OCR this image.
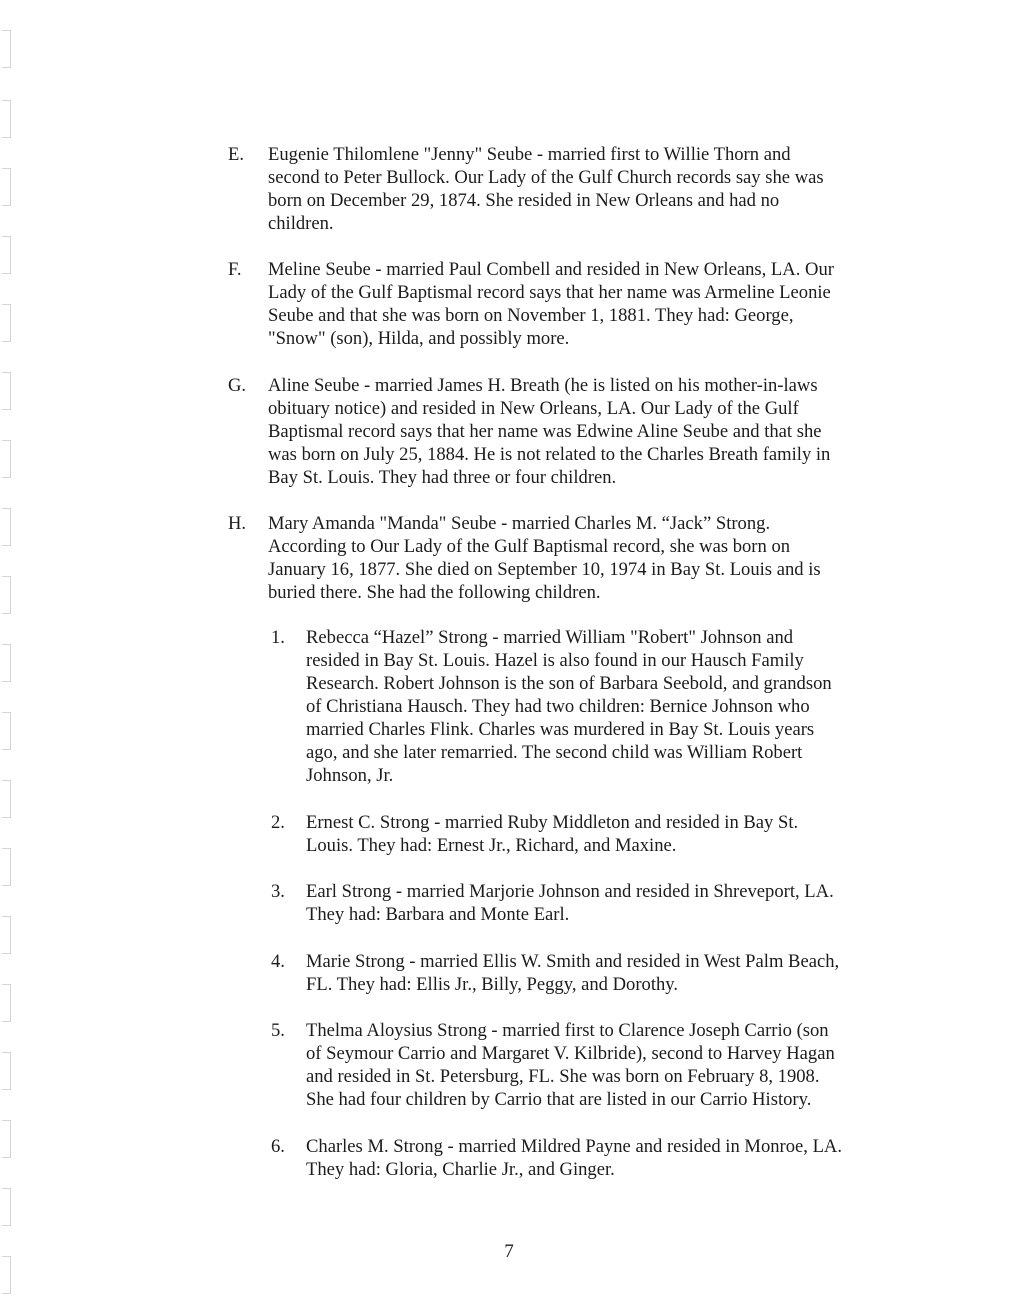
E. Eugenie Thilomlene "Jenny" Seube - married first to Willie Thorn and
second to Peter Bullock. Our Lady of the Gulf Church records say she was
born on December 29, 1874. She resided in New Orleans and had no
children.
F. Meline Seube - married Paul Combell and resided in New Orleans, LA. Our
Lady of the Gulf Baptismal record says that her name was Armeline Leonie
Seube and that she was born on November 1, 1881. They had: George,
"Snow" (son), Hilda, and possibly more.
G. Aline Seube - married James H. Breath (he is listed on his mother-in-laws
obituary notice) and resided in New Orleans, LA. Our Lady of the Gulf
Baptismal record says that her name was Edwine Aline Seube and that she
was born on July 25, 1884. He is not related to the Charles Breath family in
Bay St. Louis. They had three or four children.
H. Mary Amanda "Manda" Seube - married Charles M. “Jack” Strong.
According to Our Lady of the Gulf Baptismal record, she was born on
January 16, 1877. She died on September 10, 1974 in Bay St. Louis and is
buried there. She had the following children.
1. Rebecca “Hazel” Strong - married William "Robert" Johnson and
resided in Bay St. Louis. Hazel is also found in our Hausch Family
Research. Robert Johnson is the son of Barbara Seebold, and grandson
of Christiana Hausch. They had two children: Bernice Johnson who
married Charles Flink. Charles was murdered in Bay St. Louis years
ago, and she later remarried. The second child was William Robert
Johnson, Jr.
2. Ernest C. Strong - married Ruby Middleton and resided in Bay St.
Louis. They had: Ernest Jr., Richard, and Maxine.
3. Earl Strong - married Marjorie Johnson and resided in Shreveport, LA.
They had: Barbara and Monte Earl.
4. Marie Strong - married Ellis W. Smith and resided in West Palm Beach,
FL. They had: Ellis Jr., Billy, Peggy, and Dorothy.
5. Thelma Aloysius Strong - married first to Clarence Joseph Carrio (son
of Seymour Carrio and Margaret V. Kilbride), second to Harvey Hagan
and resided in St. Petersburg, FL. She was born on February 8, 1908.
She had four children by Carrio that are listed in our Carrio History.
6. Charles M. Strong - married Mildred Payne and resided in Monroe, LA.
They had: Gloria, Charlie Jr., and Ginger.
7
